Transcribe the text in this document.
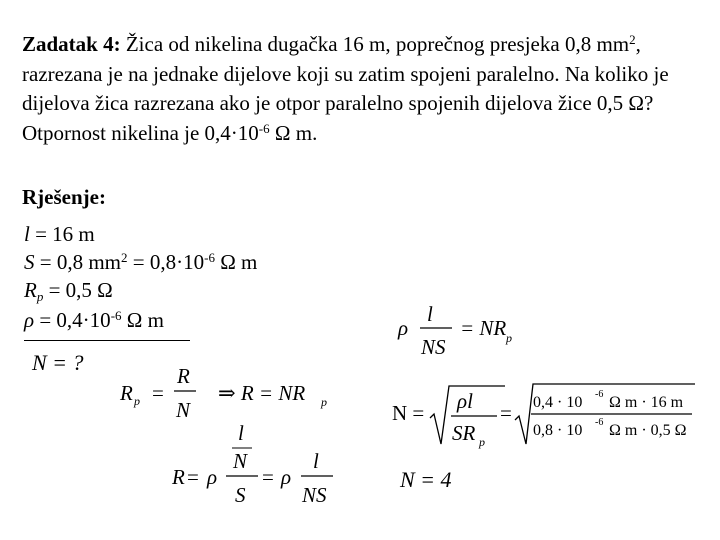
Zadatak 4: Žica od nikelina dugačka 16 m, poprečnog presjeka 0,8 $mm^2$, razrezana je na jednake dijelove koji su zatim spojeni paralelno. Na koliko je dijelova žica razrezana ako je otpor paralelno spojenih dijelova žice 0,5 Ω? Otpornost nikelina je $0,4\cdot 10^{-6}$ Ω m.
Rješenje:
l = 16 m
S = 0,8 $mm^2 = 0,8\cdot 10^{-6}$ Ω m
$R_p = 0,5$ Ω
$\rho = 0,4\cdot 10^{-6}$ Ω m
N = ?
ρ
l
NS
= NR p
R p =
R
N
⇒ R = NR p	N = ρl
SR p
= 0,4 · 10 -6 Ω m · 16 m
0,8 · 10 -6 Ω m · 0,5 Ω
R = ρ
l
N
S
= ρ
l
NS
N = 4
